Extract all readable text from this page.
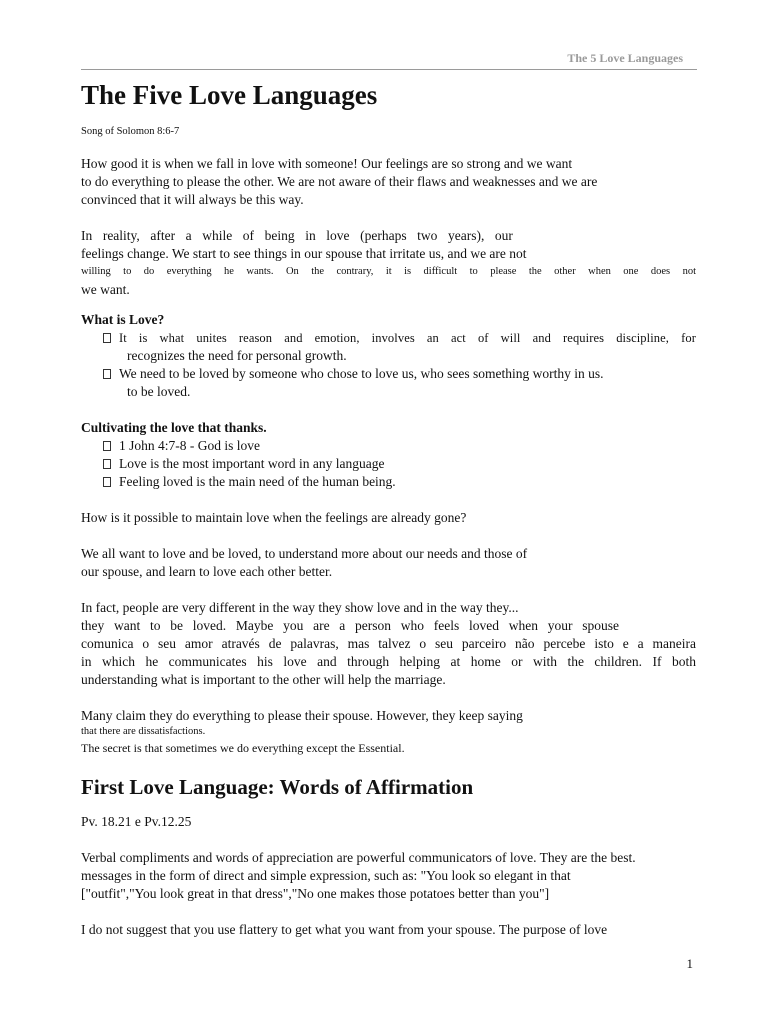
The 5 Love Languages
The Five Love Languages
Song of Solomon 8:6-7

How good it is when we fall in love with someone! Our feelings are so strong and we want
to do everything to please the other. We are not aware of their flaws and weaknesses and we are
convinced that it will always be this way.

In reality, after a while of being in love (perhaps two years), our
feelings change. We start to see things in our spouse that irritate us, and we are not
willing to do everything he wants. On the contrary, it is difficult to please the other when one does not
we want.

What is Love?
It is what unites reason and emotion, involves an act of will and requires discipline, for
recognizes the need for personal growth.
We need to be loved by someone who chose to love us, who sees something worthy in us.
to be loved.
Cultivating the love that thanks.
1 John 4:7-8 - God is love
Love is the most important word in any language
Feeling loved is the main need of the human being.

How is it possible to maintain love when the feelings are already gone?

We all want to love and be loved, to understand more about our needs and those of
our spouse, and learn to love each other better.

In fact, people are very different in the way they show love and in the way they...
they want to be loved. Maybe you are a person who feels loved when your spouse
comunica o seu amor através de palavras, mas talvez o seu parceiro não percebe isto e a maneira
in which he communicates his love and through helping at home or with the children. If both
understanding what is important to the other will help the marriage.

Many claim they do everything to please their spouse. However, they keep saying
that there are dissatisfactions.
The secret is that sometimes we do everything except the Essential.

First Love Language: Words of Affirmation

Pv. 18.21 e Pv.12.25

Verbal compliments and words of appreciation are powerful communicators of love. They are the best.
messages in the form of direct and simple expression, such as: "You look so elegant in that
["outfit","You look great in that dress","No one makes those potatoes better than you"]

I do not suggest that you use flattery to get what you want from your spouse. The purpose of love

1
